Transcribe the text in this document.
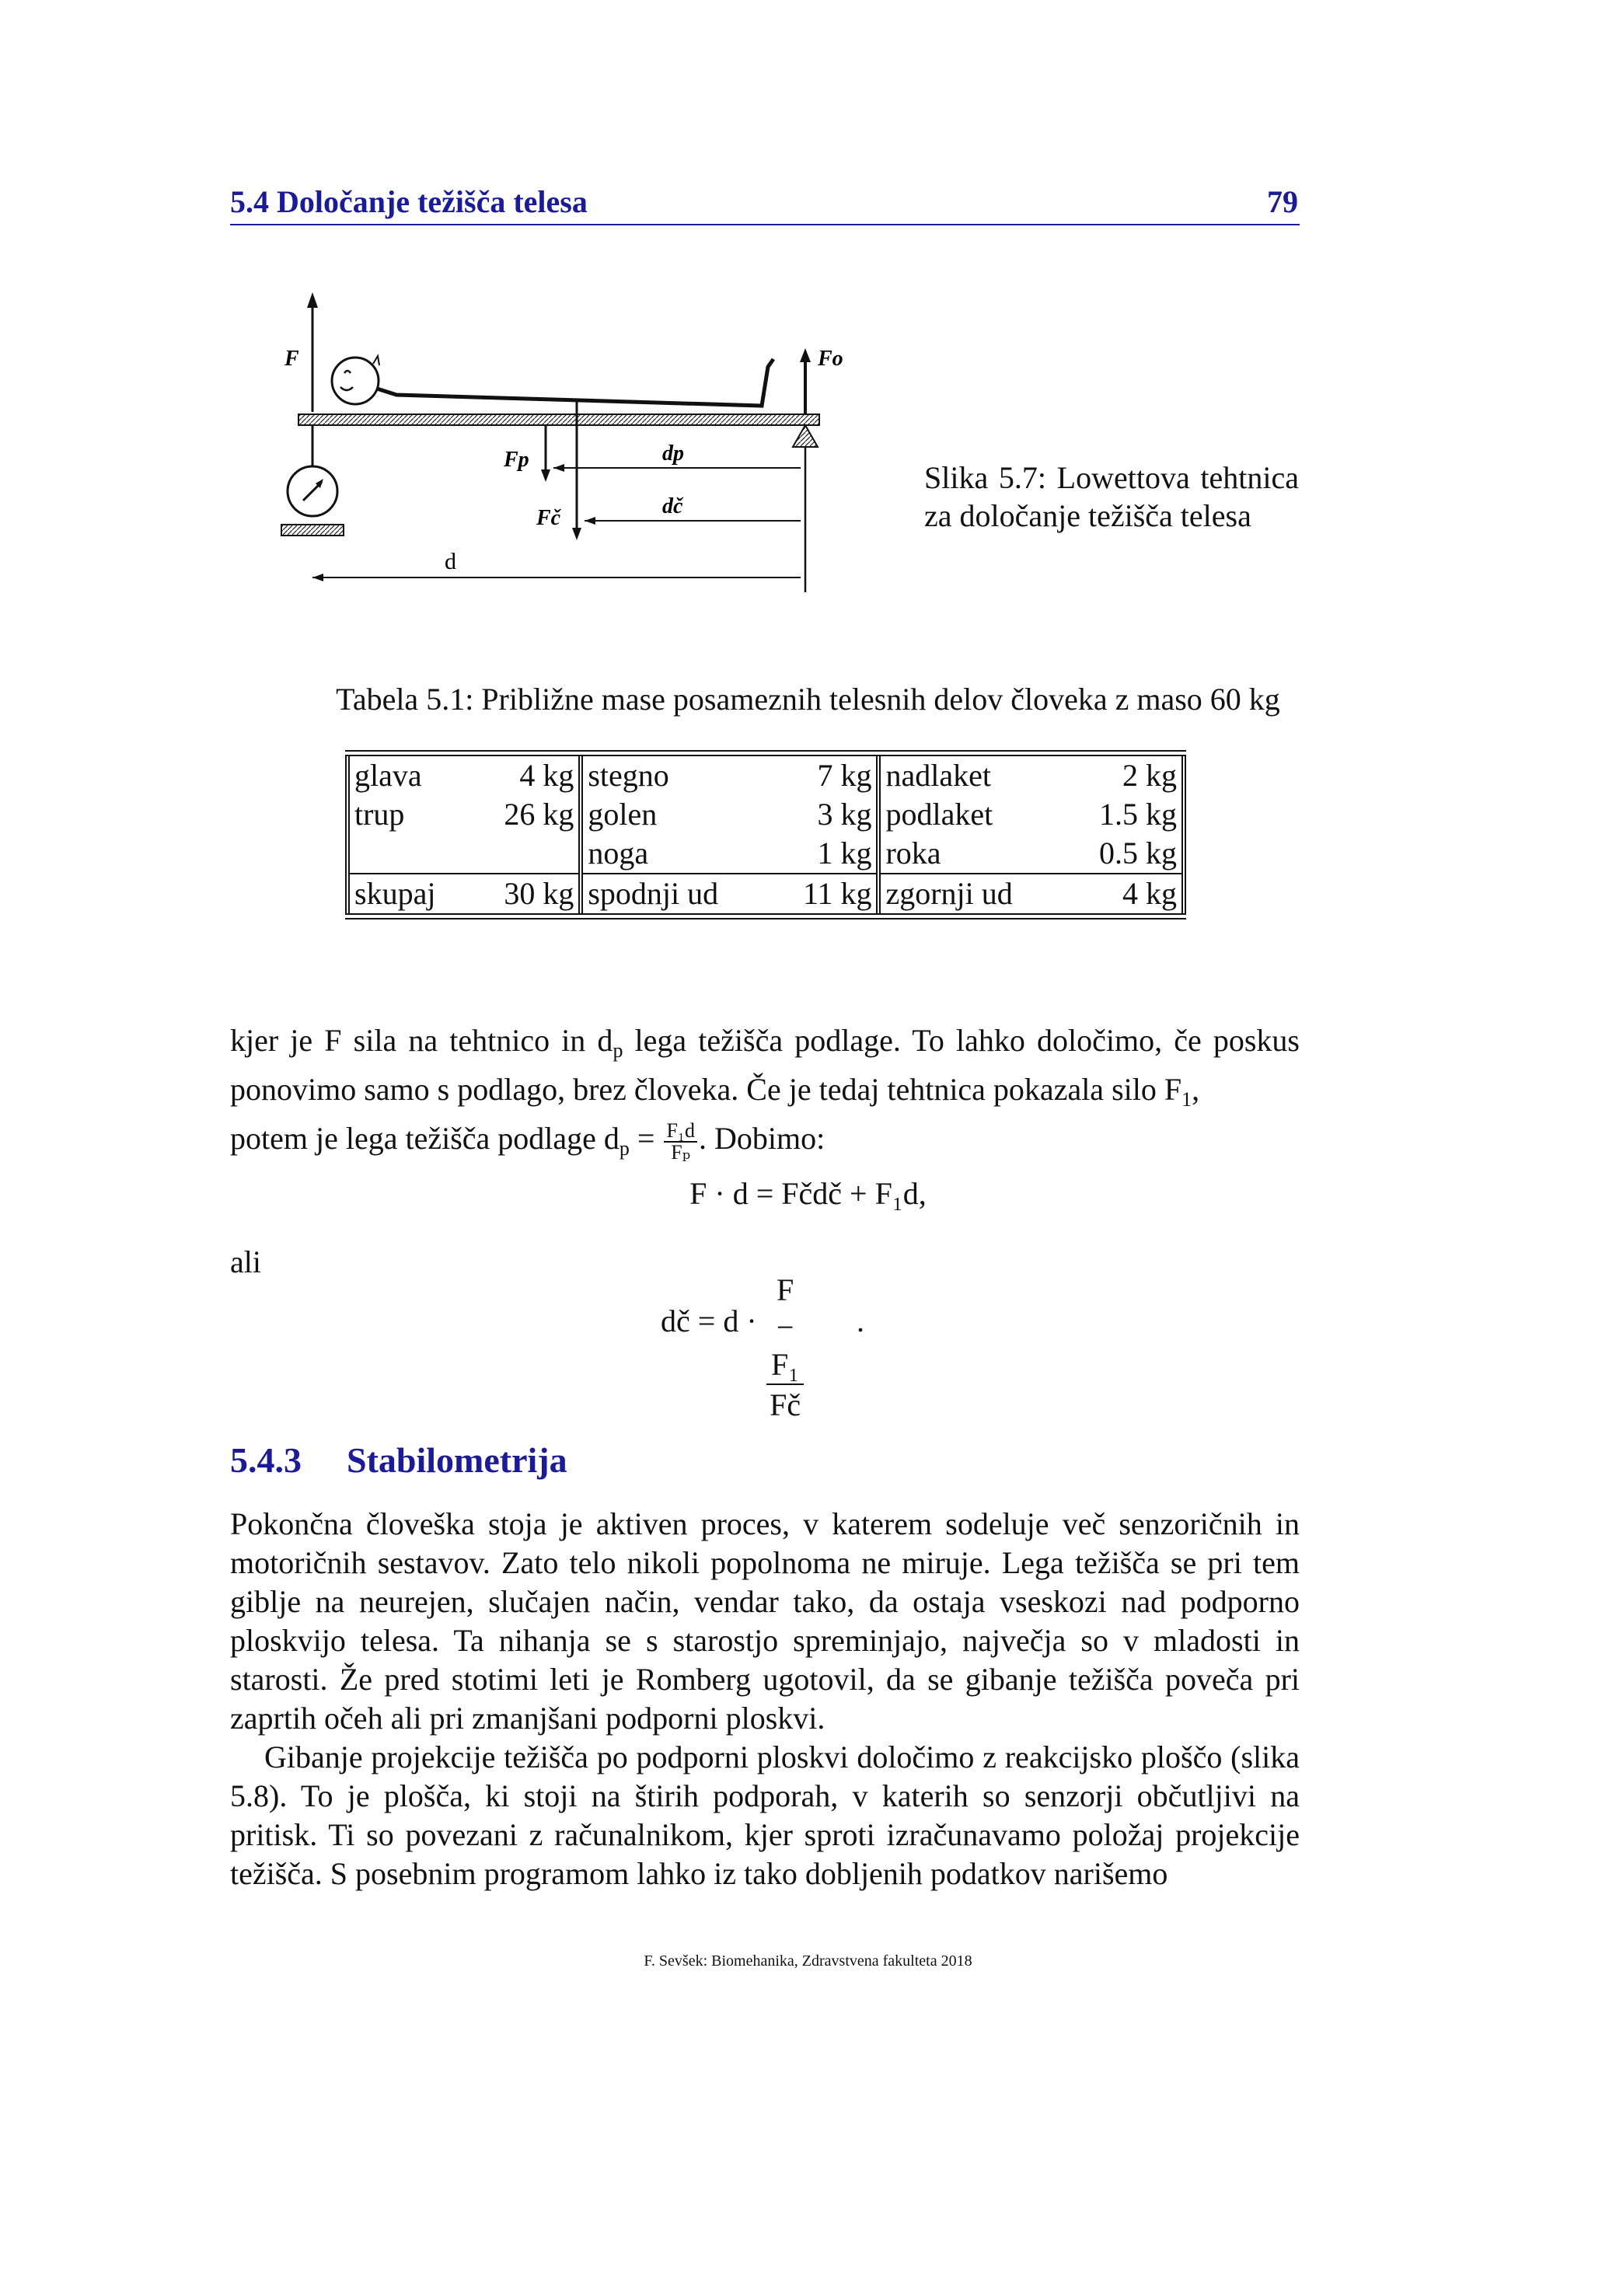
5.4 Določanje težišča telesa	79
F	Fo
Fp
Fč
dp
dč
d
Slika 5.7: Lowettova tehtnica za določanje težišča telesa
Tabela 5.1: Približne mase posameznih telesnih delov človeka z maso 60 kg
glava	4 kg	stegno	7 kg	nadlaket	2 kg
trup	26 kg	golen	3 kg	podlaket	1.5 kg
		noga	1 kg	roka	0.5 kg
skupaj	30 kg	spodnji ud	11 kg	zgornji ud	4 kg
kjer je F sila na tehtnico in $d_p$ lega težišča podlage. To lahko določimo, če poskus ponovimo samo s podlago, brez človeka. Če je tedaj tehtnica pokazala silo $F_1$,
potem je lega težišča podlage $d_p = \frac{\text{F₁d}}{\text{Fₚ}}$ . Dobimo:
F · d = Fčdč + F₁d,
ali
dč = $d \cdot \frac{\text{F − F₁}}{Fč}$ .
5.4.3 Stabilometrija
Pokončna človeška stoja je aktiven proces, v katerem sodeluje več senzoričnih in motoričnih sestavov. Zato telo nikoli popolnoma ne miruje. Lega težišča se pri tem giblje na neurejen, slučajen način, vendar tako, da ostaja vseskozi nad podporno ploskvijo telesa. Ta nihanja se s starostjo spreminjajo, največja so v mladosti in starosti. Že pred stotimi leti je Romberg ugotovil, da se gibanje težišča poveča pri zaprtih očeh ali pri zmanjšani podporni ploskvi.
Gibanje projekcije težišča po podporni ploskvi določimo z reakcijsko ploščo (slika 5.8). To je plošča, ki stoji na štirih podporah, v katerih so senzorji občutljivi na pritisk. Ti so povezani z računalnikom, kjer sproti izračunavamo položaj projekcije težišča. S posebnim programom lahko iz tako dobljenih podatkov narišemo
F. Sevšek: Biomehanika, Zdravstvena fakulteta 2018
